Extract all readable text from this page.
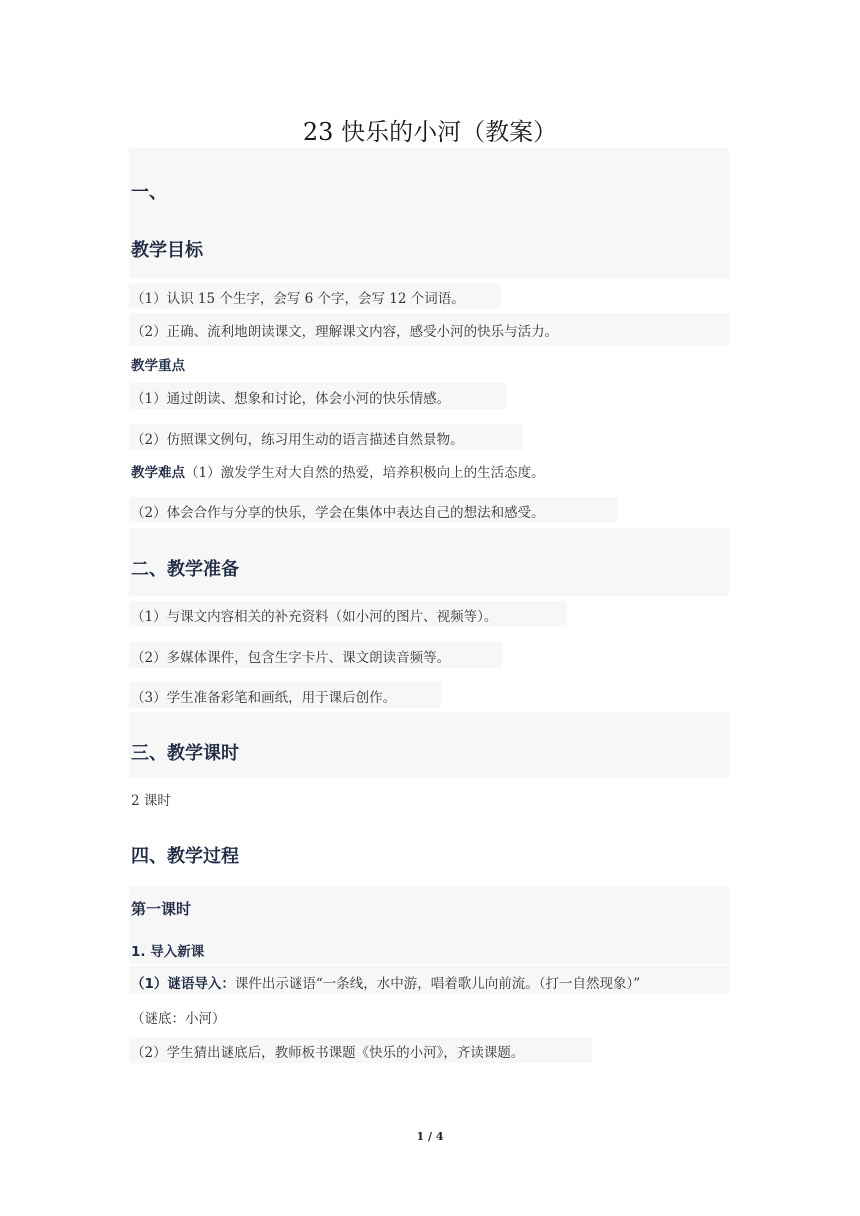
23 快乐的小河（教案）
一、
教学目标
（1）认识 15 个生字，会写 6 个字，会写 12 个词语。
（2）正确、流利地朗读课文，理解课文内容，感受小河的快乐与活力。
教学重点
（1）通过朗读、想象和讨论，体会小河的快乐情感。
（2）仿照课文例句，练习用生动的语言描述自然景物。
教学难点（1）激发学生对大自然的热爱，培养积极向上的生活态度。
（2）体会合作与分享的快乐，学会在集体中表达自己的想法和感受。
二、教学准备
（1）与课文内容相关的补充资料（如小河的图片、视频等）。
（2）多媒体课件，包含生字卡片、课文朗读音频等。
（3）学生准备彩笔和画纸，用于课后创作。
三、教学课时
2 课时
四、教学过程
第一课时
1. 导入新课
（1）谜语导入：课件出示谜语“一条线，水中游，唱着歌儿向前流。（打一自然现象）”
（谜底：小河）
（2）学生猜出谜底后，教师板书课题《快乐的小河》，齐读课题。
1 / 4
